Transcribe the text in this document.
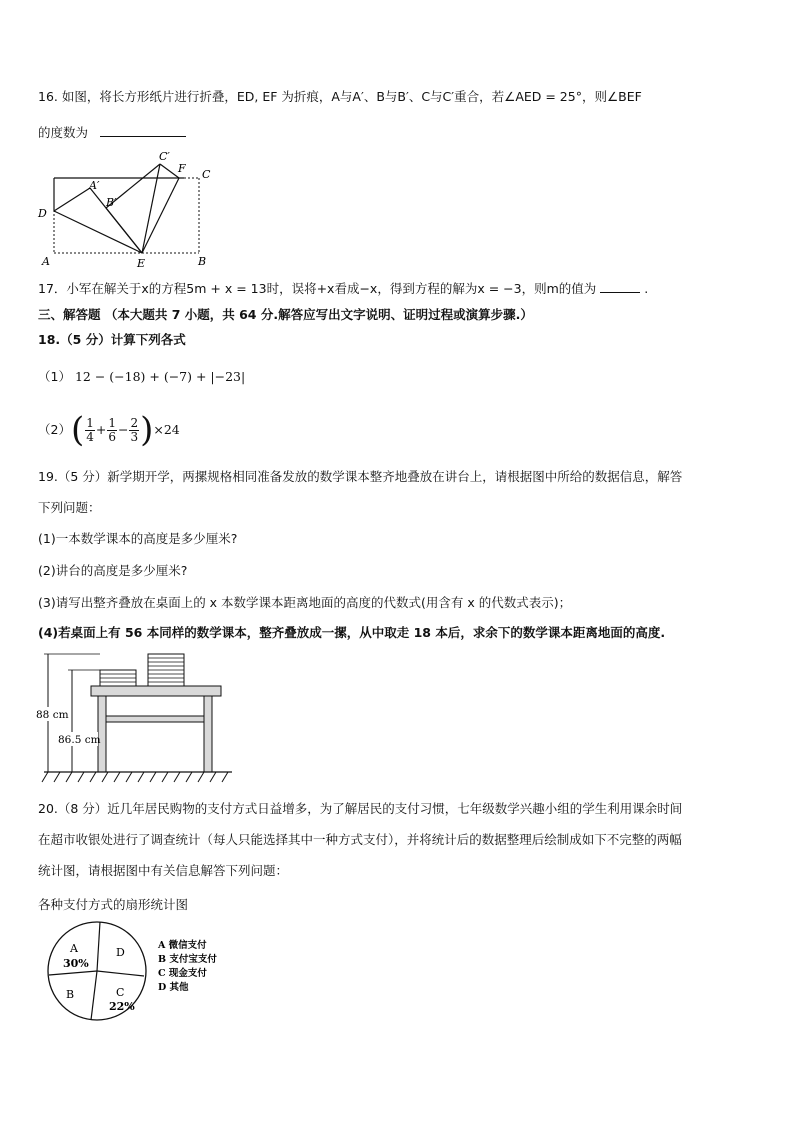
16. 如图，将长方形纸片进行折叠，ED, EF 为折痕，A与A′、B与B′、C与C′重合，若∠AED = 25°，则∠BEF
的度数为
C′
F C
A′
B′
D
A	E	B
17．小军在解关于x的方程5m + x = 13时，误将+x看成−x，得到方程的解为x = −3，则m的值为	.
三、解答题 （本大题共 7 小题，共 64 分.解答应写出文字说明、证明过程或演算步骤.）
18.（5 分）计算下列各式
（1） 12 − (−18) + (−7) + |−23|
（2） ( $\frac{1}{4} + \frac{1}{6} - \frac{2}{3}$ ) ×24
19.（5 分）新学期开学，两摞规格相同准备发放的数学课本整齐地叠放在讲台上，请根据图中所给的数据信息，解答
下列问题：
(1)一本数学课本的高度是多少厘米?
(2)讲台的高度是多少厘米?
(3)请写出整齐叠放在桌面上的 x 本数学课本距离地面的高度的代数式(用含有 x 的代数式表示)；
(4)若桌面上有 56 本同样的数学课本，整齐叠放成一摞，从中取走 18 本后，求余下的数学课本距离地面的高度.
88 cm
86.5 cm
20.（8 分）近几年居民购物的支付方式日益增多，为了解居民的支付习惯，七年级数学兴趣小组的学生利用课余时间
在超市收银处进行了调查统计（每人只能选择其中一种方式支付），并将统计后的数据整理后绘制成如下不完整的两幅
统计图，请根据图中有关信息解答下列问题：
各种支付方式的扇形统计图
A
30%
D
B	C
22%
A 微信支付
B 支付宝支付
C 现金支付
D 其他
